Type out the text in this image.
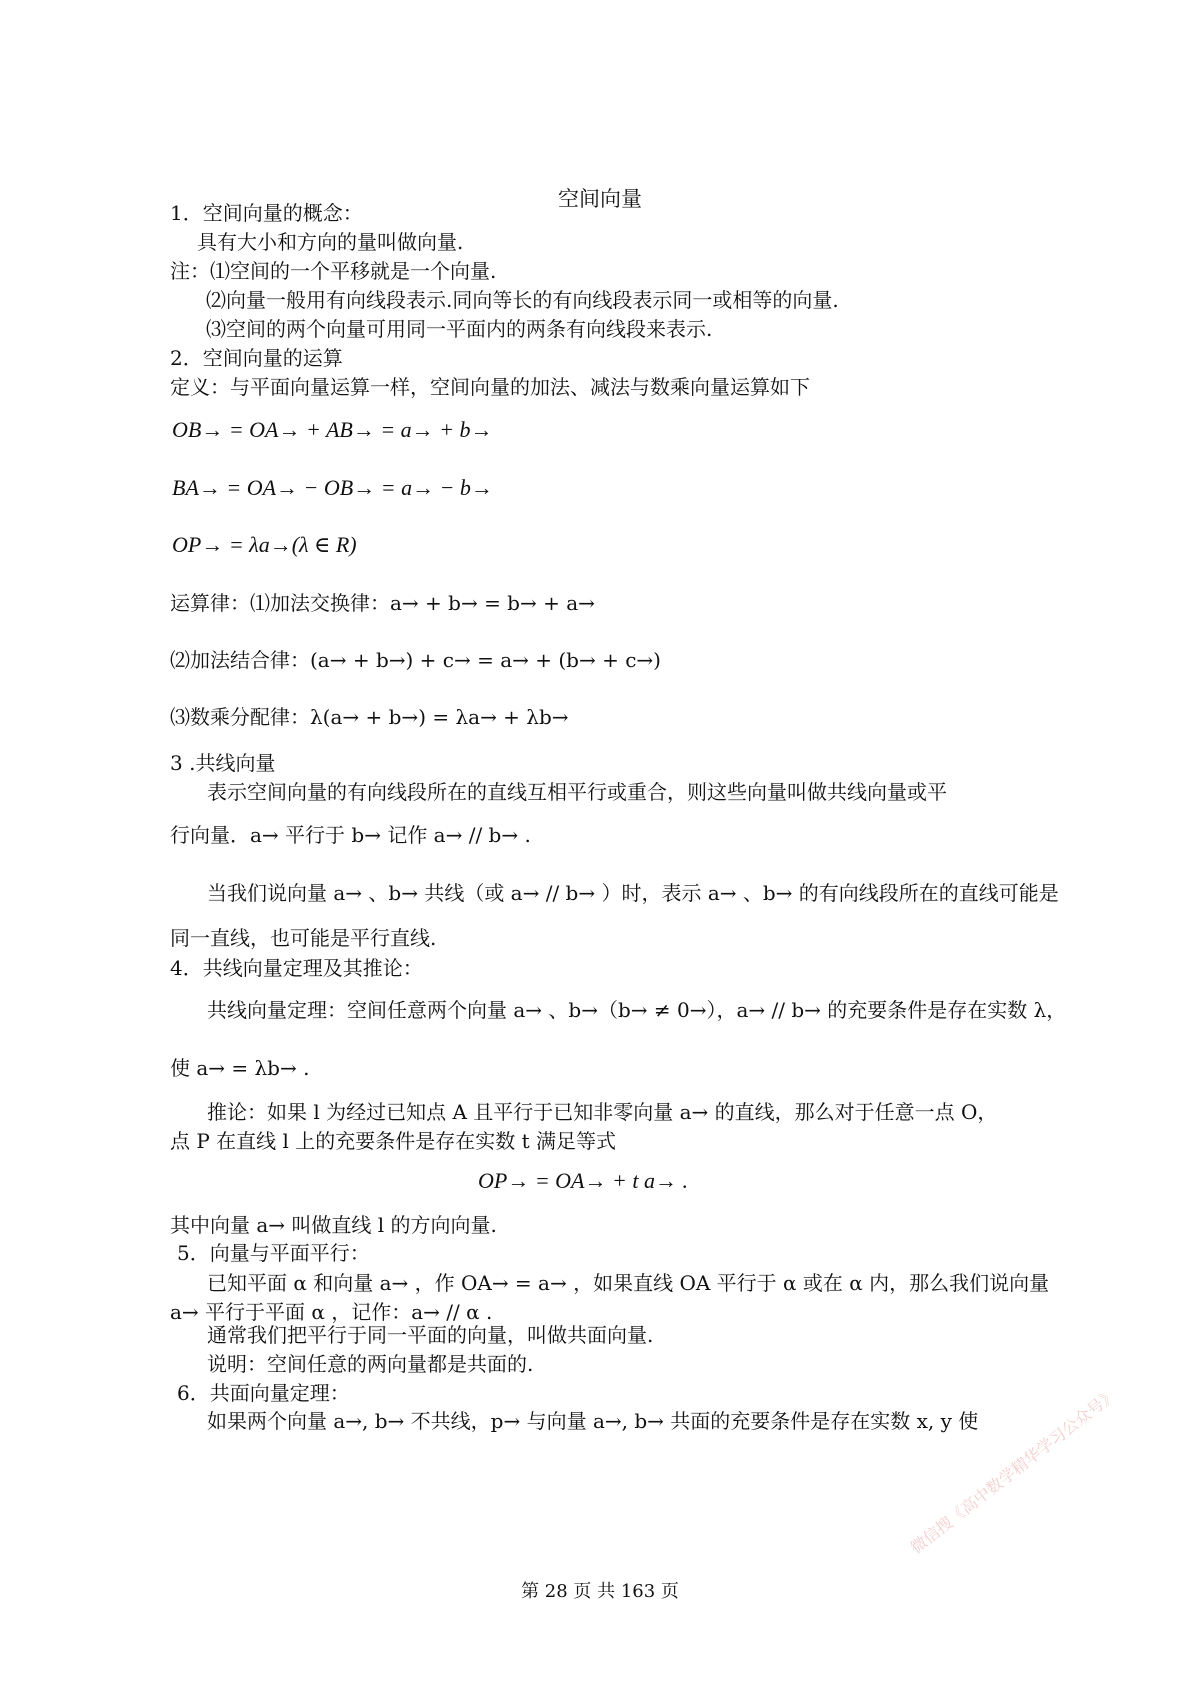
空间向量
1．空间向量的概念：
具有大小和方向的量叫做向量.
注：⑴空间的一个平移就是一个向量.
⑵向量一般用有向线段表示.同向等长的有向线段表示同一或相等的向量.
⑶空间的两个向量可用同一平面内的两条有向线段来表示.
2．空间向量的运算
定义：与平面向量运算一样，空间向量的加法、减法与数乘向量运算如下
OB→ = OA→ + AB→ = a→ + b→
BA→ = OA→ − OB→ = a→ − b→
OP→ = λa→(λ ∈ R)
运算律：⑴加法交换律：a→ + b→ = b→ + a→
⑵加法结合律：(a→ + b→) + c→ = a→ + (b→ + c→)
⑶数乘分配律：λ(a→ + b→) = λa→ + λb→
3 .共线向量
表示空间向量的有向线段所在的直线互相平行或重合，则这些向量叫做共线向量或平
行向量．a→ 平行于 b→ 记作 a→ // b→ .
当我们说向量 a→ 、b→ 共线（或 a→ // b→ ）时，表示 a→ 、b→ 的有向线段所在的直线可能是
同一直线，也可能是平行直线.
4．共线向量定理及其推论：
共线向量定理：空间任意两个向量 a→ 、b→（b→ ≠ 0→），a→ // b→ 的充要条件是存在实数 λ，
使 a→ = λb→ .
推论：如果 l 为经过已知点 A 且平行于已知非零向量 a→ 的直线，那么对于任意一点 O，
点 P 在直线 l 上的充要条件是存在实数 t 满足等式
OP→ = OA→ + t a→ .
其中向量 a→ 叫做直线 l 的方向向量.
5．向量与平面平行：
已知平面 α 和向量 a→ ，作 OA→ = a→ ，如果直线 OA 平行于 α 或在 α 内，那么我们说向量
a→ 平行于平面 α ，记作：a→ // α .
通常我们把平行于同一平面的向量，叫做共面向量.
说明：空间任意的两向量都是共面的.
6．共面向量定理：
如果两个向量 a→, b→ 不共线，p→ 与向量 a→, b→ 共面的充要条件是存在实数 x, y 使
第 28 页 共 163 页
微信搜《高中数学精华学习公众号》
